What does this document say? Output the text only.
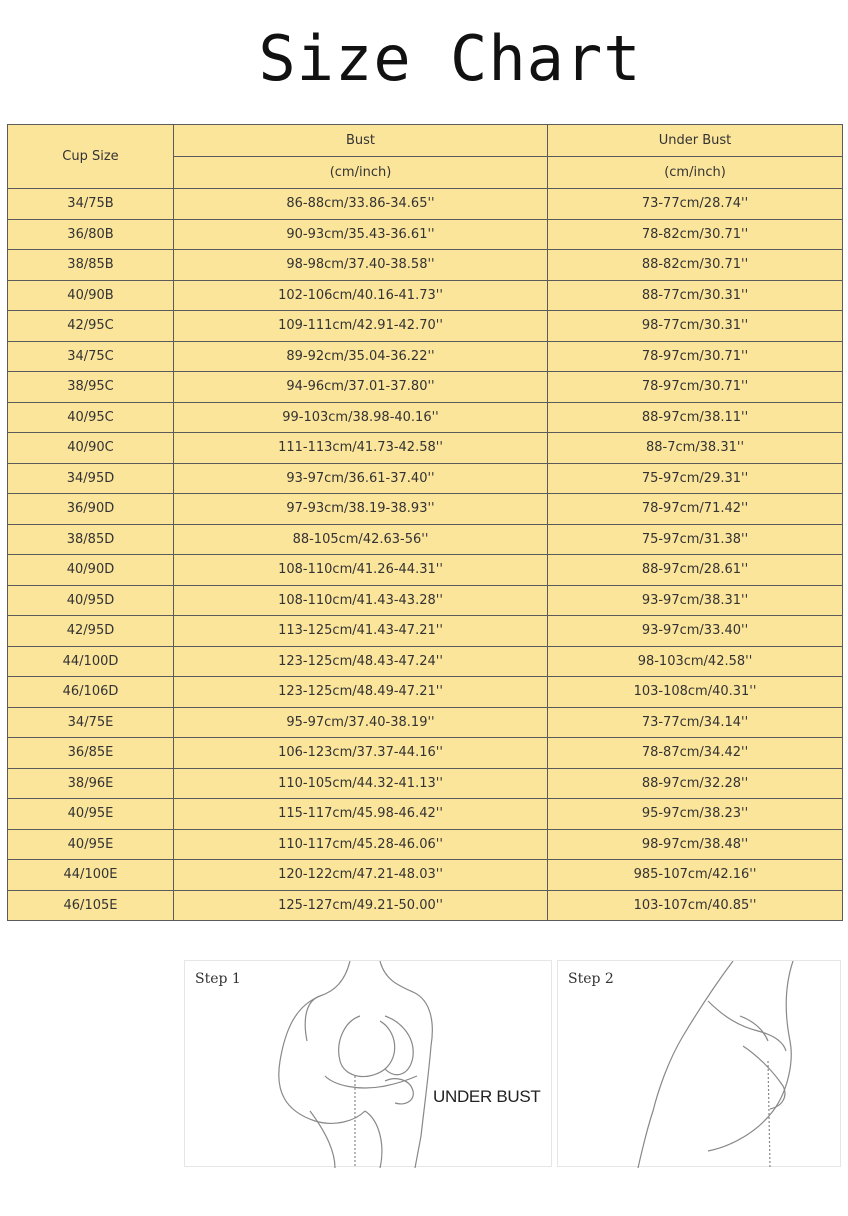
Size Chart
Cup Size	Bust	Under Bust
	(cm/inch)	(cm/inch)
34/75B	86-88cm/33.86-34.65''	73-77cm/28.74''
36/80B	90-93cm/35.43-36.61''	78-82cm/30.71''
38/85B	98-98cm/37.40-38.58''	88-82cm/30.71''
40/90B	102-106cm/40.16-41.73''	88-77cm/30.31''
42/95C	109-111cm/42.91-42.70''	98-77cm/30.31''
34/75C	89-92cm/35.04-36.22''	78-97cm/30.71''
38/95C	94-96cm/37.01-37.80''	78-97cm/30.71''
40/95C	99-103cm/38.98-40.16''	88-97cm/38.11''
40/90C	111-113cm/41.73-42.58''	88-7cm/38.31''
34/95D	93-97cm/36.61-37.40''	75-97cm/29.31''
36/90D	97-93cm/38.19-38.93''	78-97cm/71.42''
38/85D	88-105cm/42.63-56''	75-97cm/31.38''
40/90D	108-110cm/41.26-44.31''	88-97cm/28.61''
40/95D	108-110cm/41.43-43.28''	93-97cm/38.31''
42/95D	113-125cm/41.43-47.21''	93-97cm/33.40''
44/100D	123-125cm/48.43-47.24''	98-103cm/42.58''
46/106D	123-125cm/48.49-47.21''	103-108cm/40.31''
34/75E	95-97cm/37.40-38.19''	73-77cm/34.14''
36/85E	106-123cm/37.37-44.16''	78-87cm/34.42''
38/96E	110-105cm/44.32-41.13''	88-97cm/32.28''
40/95E	115-117cm/45.98-46.42''	95-97cm/38.23''
40/95E	110-117cm/45.28-46.06''	98-97cm/38.48''
44/100E	120-122cm/47.21-48.03''	985-107cm/42.16''
46/105E	125-127cm/49.21-50.00''	103-107cm/40.85''
Step 1
UNDER BUST
Step 2
